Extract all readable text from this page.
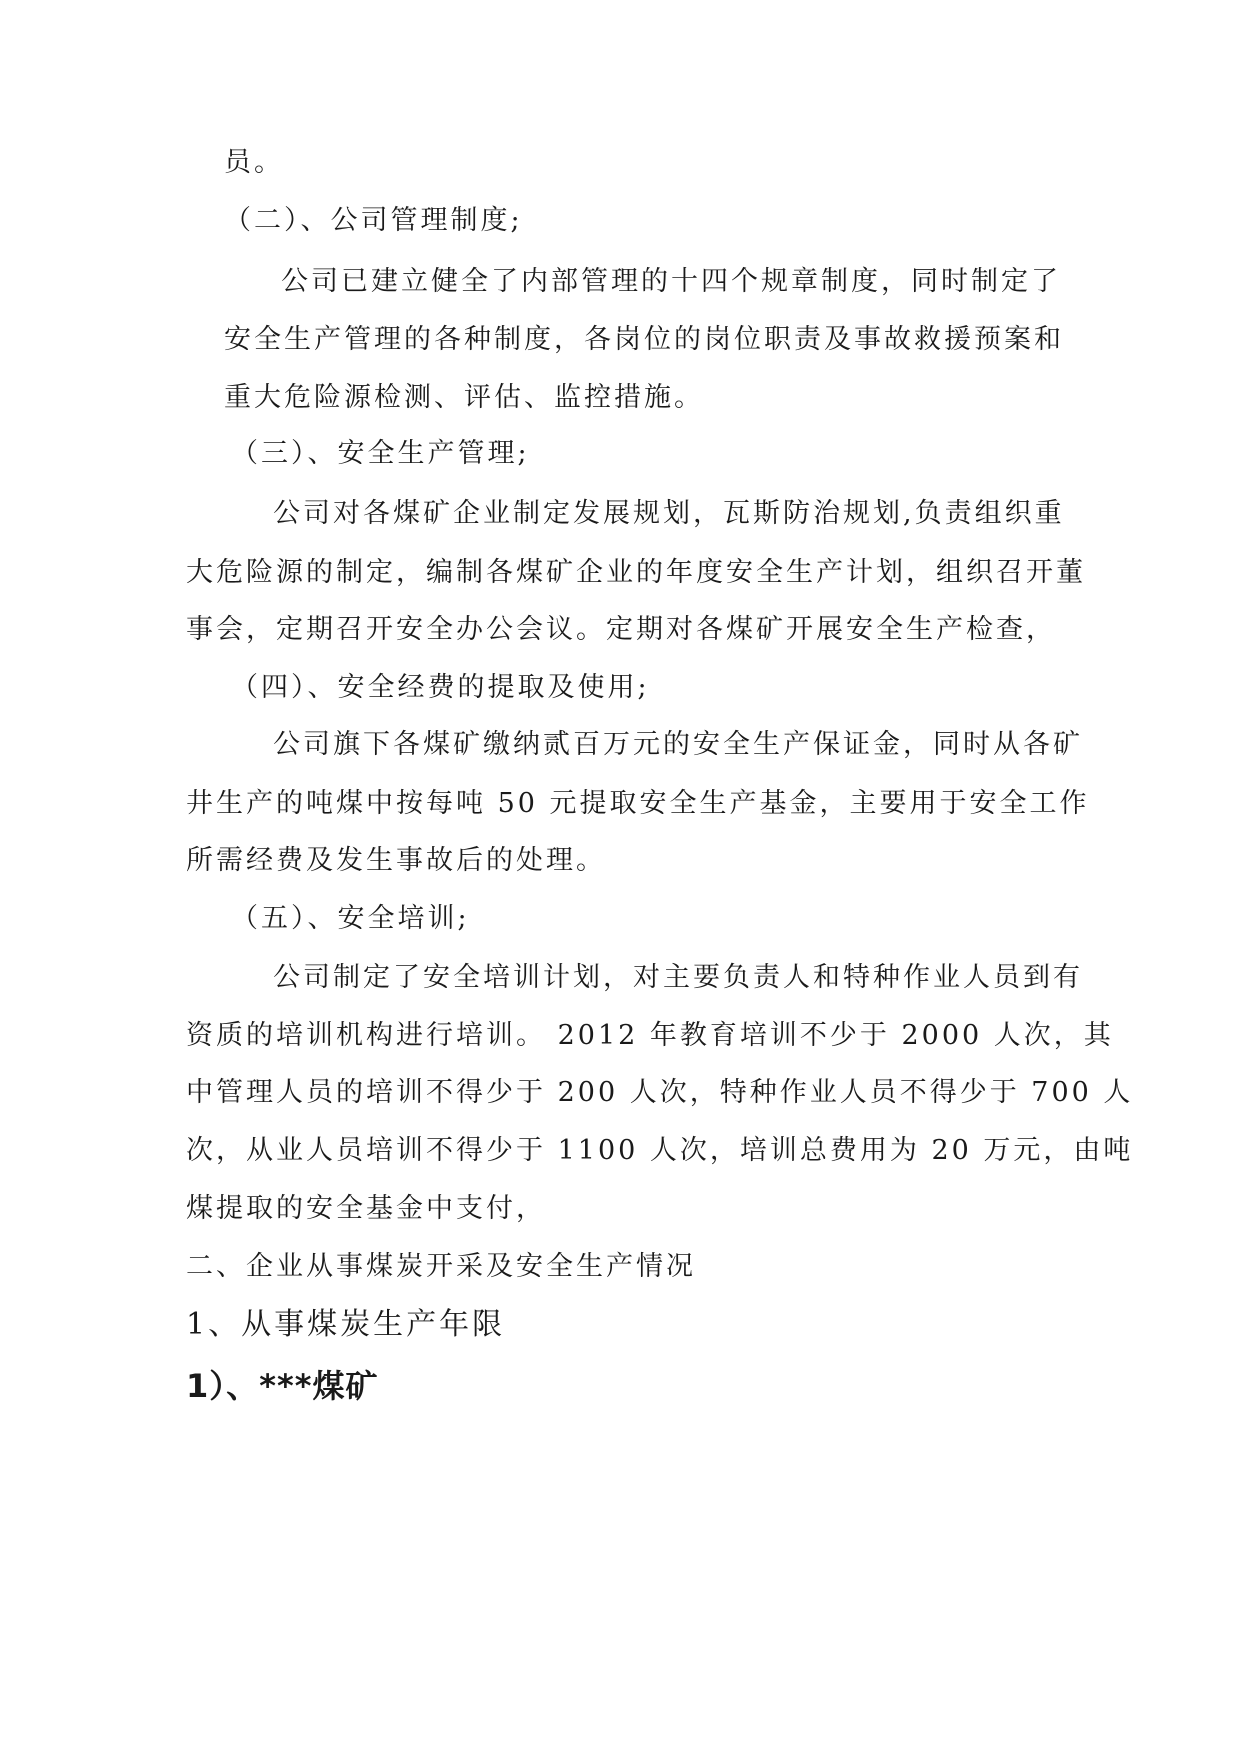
员。
（二）、公司管理制度;
公司已建立健全了内部管理的十四个规章制度，同时制定了
安全生产管理的各种制度，各岗位的岗位职责及事故救援预案和
重大危险源检测、评估、监控措施。
（三）、安全生产管理;
公司对各煤矿企业制定发展规划，瓦斯防治规划,负责组织重
大危险源的制定，编制各煤矿企业的年度安全生产计划，组织召开董
事会，定期召开安全办公会议。定期对各煤矿开展安全生产检查，
（四）、安全经费的提取及使用;
公司旗下各煤矿缴纳贰百万元的安全生产保证金，同时从各矿
井生产的吨煤中按每吨 50 元提取安全生产基金，主要用于安全工作
所需经费及发生事故后的处理。
（五）、安全培训;
公司制定了安全培训计划，对主要负责人和特种作业人员到有
资质的培训机构进行培训。 2012 年教育培训不少于 2000 人次，其
中管理人员的培训不得少于 200 人次，特种作业人员不得少于 700 人
次，从业人员培训不得少于 1100 人次，培训总费用为 20 万元，由吨
煤提取的安全基金中支付，
二、企业从事煤炭开采及安全生产情况
1、从事煤炭生产年限
1）、***煤矿
